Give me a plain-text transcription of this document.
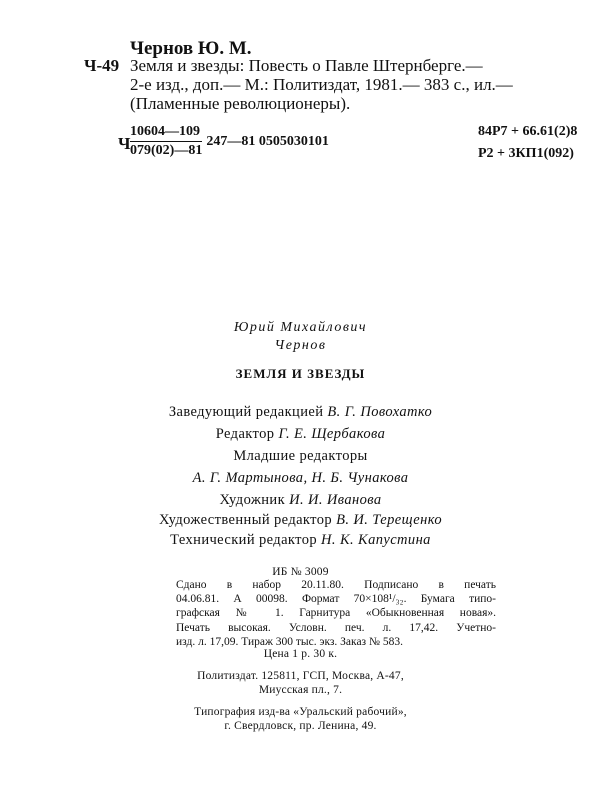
Чернов Ю. М.
Ч-49 Земля и звезды: Повесть о Павле Штернберге.—
2-е изд., доп.— М.: Политиздат, 1981.— 383 с., ил.—
(Пламенные революционеры).
Ч $\frac{10604—109}{079(02)—81}$ 247—81 0505030101
84Р7 + 66.61(2)8
Р2 + 3КП1(092)
Юрий Михайлович
Чернов
ЗЕМЛЯ И ЗВЕЗДЫ
Заведующий редакцией В. Г. Повохатко
Редактор Г. Е. Щербакова
Младшие редакторы
А. Г. Мартынова, Н. Б. Чунакова
Художник И. И. Иванова
Художественный редактор В. И. Терещенко
Технический редактор Н. К. Капустина
ИБ № 3009
Сдано в набор 20.11.80. Подписано в печать
04.06.81. А 00098. Формат 70×108¹/₃₂. Бумага типо-
графская № 1. Гарнитура «Обыкновенная новая».
Печать высокая. Условн. печ. л. 17,42. Учетно-
изд. л. 17,09. Тираж 300 тыс. экз. Заказ № 583.
Цена 1 р. 30 к.
Политиздат. 125811, ГСП, Москва, А-47,
Миусская пл., 7.
Типография изд-ва «Уральский рабочий»,
г. Свердловск, пр. Ленина, 49.
